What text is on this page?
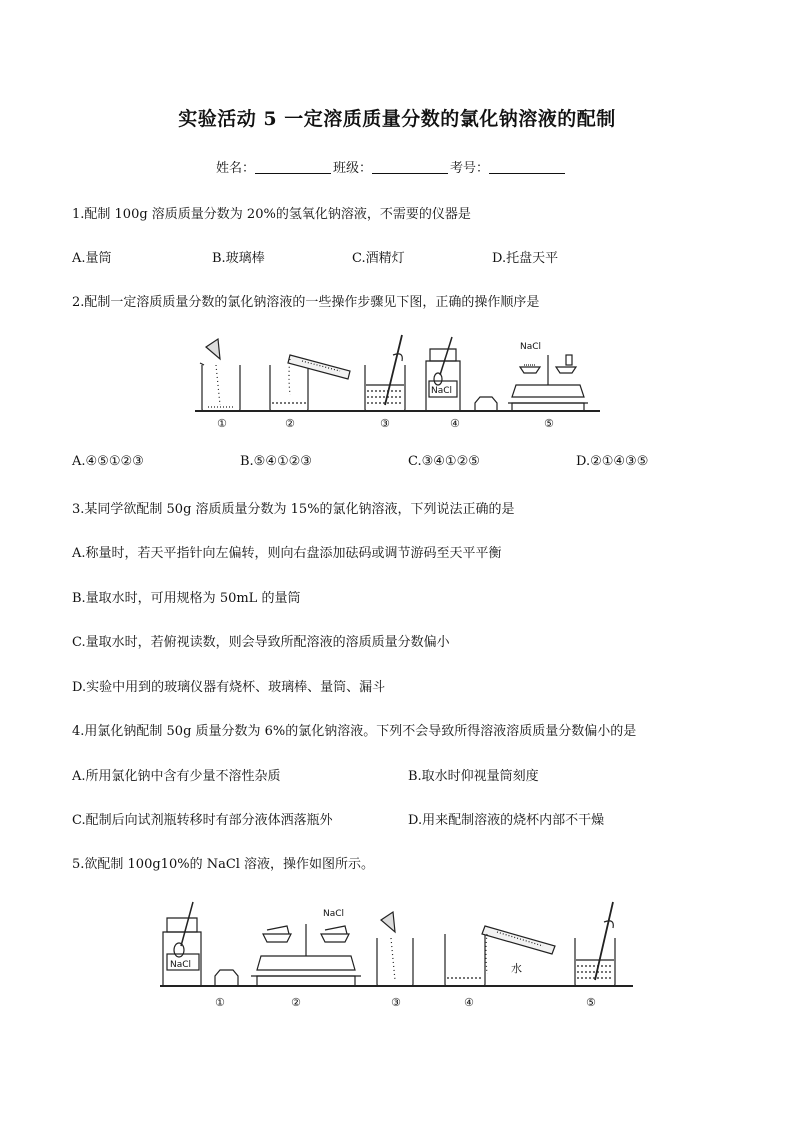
实验活动 5 一定溶质质量分数的氯化钠溶液的配制
姓名：	班级：	考号：
1.配制 100g 溶质质量分数为 20%的氢氧化钠溶液，不需要的仪器是
A.量筒	B.玻璃棒	C.酒精灯	D.托盘天平
2.配制一定溶质质量分数的氯化钠溶液的一些操作步骤见下图，正确的操作顺序是
NaCl
NaCl
①	②	③	④	⑤
A.④⑤①②③	B.⑤④①②③	C.③④①②⑤	D.②①④③⑤
3.某同学欲配制 50g 溶质质量分数为 15%的氯化钠溶液，下列说法正确的是
A.称量时，若天平指针向左偏转，则向右盘添加砝码或调节游码至天平平衡
B.量取水时，可用规格为 50mL 的量筒
C.量取水时，若俯视读数，则会导致所配溶液的溶质质量分数偏小
D.实验中用到的玻璃仪器有烧杯、玻璃棒、量筒、漏斗
4.用氯化钠配制 50g 质量分数为 6%的氯化钠溶液。下列不会导致所得溶液溶质质量分数偏小的是
A.所用氯化钠中含有少量不溶性杂质	B.取水时仰视量筒刻度
C.配制后向试剂瓶转移时有部分液体洒落瓶外	D.用来配制溶液的烧杯内部不干燥
5.欲配制 100g10%的 NaCl 溶液，操作如图所示。
NaCl
NaCl
水
①	②	③	④	⑤
